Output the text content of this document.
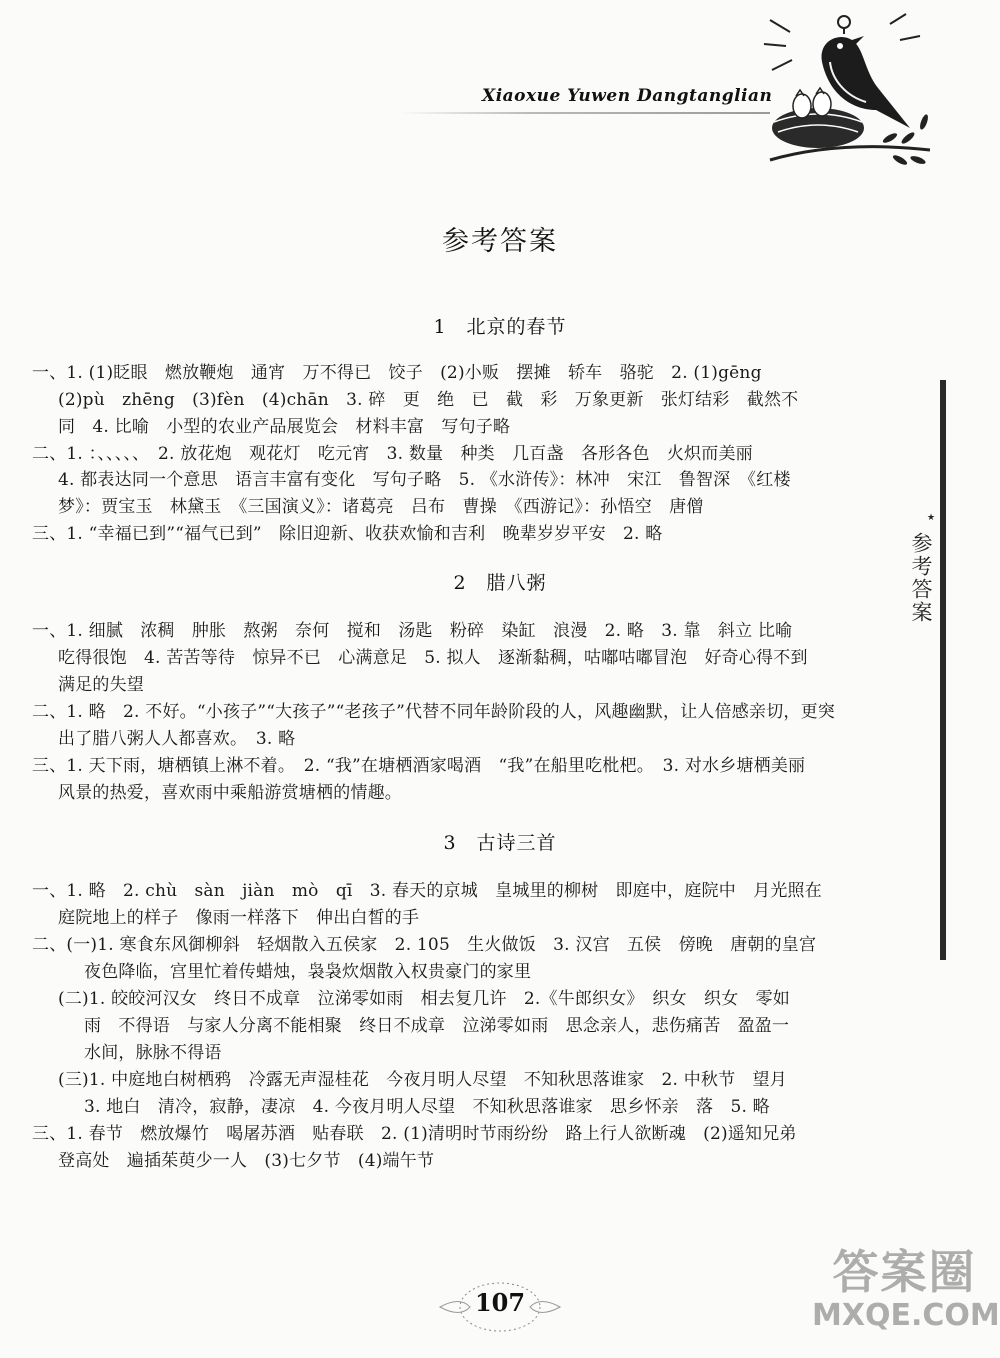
Xiaoxue Yuwen Dangtanglian
参考答案
1　北京的春节
一、1. (1)眨眼　燃放鞭炮　通宵　万不得已　饺子　(2)小贩　摆摊　轿车　骆驼　2. (1)gēng
(2)pù　zhēng　(3)fèn　(4)chān　3. 碎　更　绝　已　截　彩　万象更新　张灯结彩　截然不
同　4. 比喻　小型的农业产品展览会　材料丰富　写句子略
二、1. ：、、、、、　2. 放花炮　观花灯　吃元宵　3. 数量　种类　几百盏　各形各色　火炽而美丽
4. 都表达同一个意思　语言丰富有变化　写句子略　5. 《水浒传》：林冲　宋江　鲁智深　《红楼
梦》：贾宝玉　林黛玉　《三国演义》：诸葛亮　吕布　曹操　《西游记》：孙悟空　唐僧
三、1. “幸福已到”“福气已到”　除旧迎新、收获欢愉和吉利　晚辈岁岁平安　2. 略
2　腊八粥
一、1. 细腻　浓稠　肿胀　熬粥　奈何　搅和　汤匙　粉碎　染缸　浪漫　2. 略　3. 靠　斜立 比喻
吃得很饱　4. 苦苦等待　惊异不已　心满意足　5. 拟人　逐渐黏稠，咕嘟咕嘟冒泡　好奇心得不到
满足的失望
二、1. 略　2. 不好。“小孩子”“大孩子”“老孩子”代替不同年龄阶段的人，风趣幽默，让人倍感亲切，更突
出了腊八粥人人都喜欢。　3. 略
三、1. 天下雨，塘栖镇上淋不着。　2. “我”在塘栖酒家喝酒　“我”在船里吃枇杷。　3. 对水乡塘栖美丽
风景的热爱，喜欢雨中乘船游赏塘栖的情趣。
3　古诗三首
一、1. 略　2. chù　sàn　jiàn　mò　qī　3. 春天的京城　皇城里的柳树　即庭中，庭院中　月光照在
庭院地上的样子　像雨一样落下　伸出白皙的手
二、(一)1. 寒食东风御柳斜　轻烟散入五侯家　2. 105　生火做饭　3. 汉宫　五侯　傍晚　唐朝的皇宫
夜色降临，宫里忙着传蜡烛，袅袅炊烟散入权贵豪门的家里
(二)1. 皎皎河汉女　终日不成章　泣涕零如雨　相去复几许　2.《牛郎织女》　织女　织女　零如
雨　不得语　与家人分离不能相聚　终日不成章　泣涕零如雨　思念亲人，悲伤痛苦　盈盈一
水间，脉脉不得语
(三)1. 中庭地白树栖鸦　冷露无声湿桂花　今夜月明人尽望　不知秋思落谁家　2. 中秋节　望月
3. 地白　清冷，寂静，凄凉　4. 今夜月明人尽望　不知秋思落谁家　思乡怀亲　落　5. 略
三、1. 春节　燃放爆竹　喝屠苏酒　贴春联　2. (1)清明时节雨纷纷　路上行人欲断魂　(2)遥知兄弟
登高处　遍插茱萸少一人　(3)七夕节　(4)端午节
★
参考答案
107
答案圈
MXQE.COM
